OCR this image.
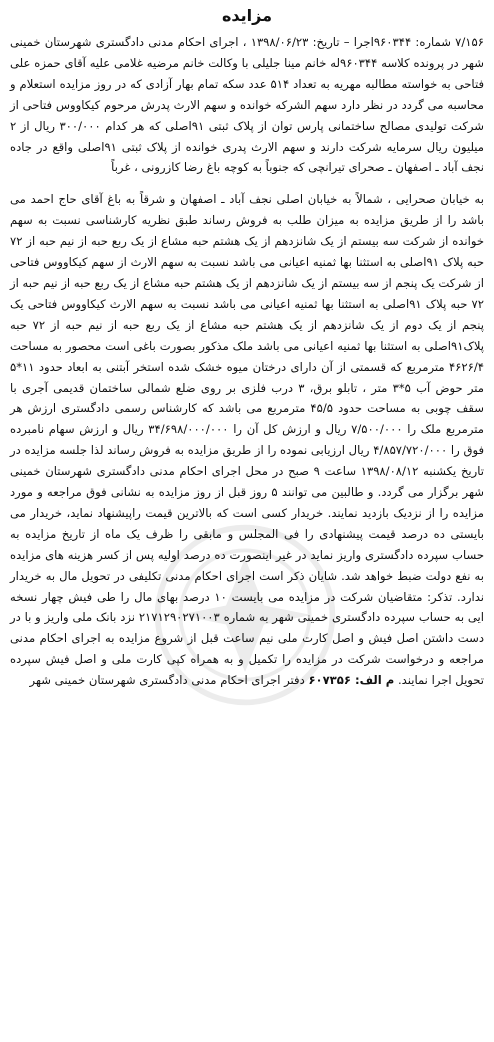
مزایده

۷/۱۵۶ شماره: ۹۶۰۳۴۴اجرا – تاریخ: ۱۳۹۸/۰۶/۲۳ ، اجرای احکام مدنی دادگستری شهرستان خمینی شهر در پرونده کلاسه ۹۶۰۳۴۴له خانم مینا جلیلی با وکالت خانم مرضیه غلامی علیه آقای حمزه علی فتاحی به خواسته مطالبه مهریه به تعداد ۵۱۴ عدد سکه تمام بهار آزادی که در روز مزایده استعلام و محاسبه می گردد در نظر دارد سهم الشرکه خوانده و سهم الارث پدرش مرحوم کیکاووس فتاحی از شرکت تولیدی مصالح ساختمانی پارس توان از پلاک ثبتی ۹۱اصلی که هر کدام ۳۰۰/۰۰۰ ریال از ۲ میلیون ریال سرمایه شرکت دارند و سهم الارث پدری خوانده از پلاک ثبتی ۹۱اصلی واقع در جاده نجف آباد ـ اصفهان ـ صحرای تیرانچی که جنوباً به کوچه باغ رضا کازرونی ، غرباً

به خیابان صحرایی ، شمالاً به خیابان اصلی نجف آباد ـ اصفهان و شرقاً به باغ آقای حاج احمد می باشد را از طریق مزایده به میزان طلب به فروش رساند طبق نظریه کارشناسی نسبت به سهم خوانده از شرکت سه بیستم از یک شانزدهم از یک هشتم حبه مشاع از یک ربع حبه از نیم حبه از ۷۲ حبه پلاک ۹۱اصلی به استثنا بها ثمنیه اعیانی می باشد نسبت به سهم الارث از سهم کیکاووس فتاحی از شرکت یک پنجم از سه بیستم از یک شانزدهم از یک هشتم حبه مشاع از یک ربع حبه از نیم حبه از ۷۲ حبه پلاک ۹۱اصلی به استثنا بها ثمنیه اعیانی می باشد نسبت به سهم الارث کیکاووس فتاحی یک پنجم از یک دوم از یک شانزدهم از یک هشتم حبه مشاع از یک ربع حبه از نیم حبه از ۷۲ حبه پلاک۹۱اصلی به استثنا بها ثمنیه اعیانی می باشد ملک مذکور بصورت باغی است محصور به مساحت ۴۶۲۶/۴ مترمربع که قسمتی از آن دارای درختان میوه خشک شده استخر آبتنی به ابعاد حدود ۱۱*۵ متر حوض آب ۵*۳ متر ، تابلو برق، ۳ درب فلزی بر روی ضلع شمالی ساختمان قدیمی آجری با سقف چوبی به مساحت حدود ۴۵/۵ مترمربع می باشد که کارشناس رسمی دادگستری ارزش هر مترمربع ملک را ۷/۵۰۰/۰۰۰ ریال و ارزش کل آن را ۳۴/۶۹۸/۰۰۰/۰۰۰ ریال و ارزش سهام نامبرده فوق را ۴/۸۵۷/۷۲۰/۰۰۰ ریال ارزیابی نموده را از طریق مزایده به فروش رساند لذا جلسه مزایده در تاریخ یکشنبه ۱۳۹۸/۰۸/۱۲ ساعت ۹ صبح در محل اجرای احکام مدنی دادگستری شهرستان خمینی شهر برگزار می گردد. و طالبین می توانند ۵ روز قبل از روز مزایده به نشانی فوق مراجعه و مورد مزایده را از نزدیک بازدید نمایند. خریدار کسی است که بالاترین قیمت راپیشنهاد نماید، خریدار می بایستی ده درصد قیمت پیشنهادی را فی المجلس و مابقی را ظرف یک ماه از تاریخ مزایده به حساب سپرده دادگستری واریز نماید در غیر اینصورت ده درصد اولیه پس از کسر هزینه های مزایده به نفع دولت ضبط خواهد شد. شایان ذکر است اجرای احکام مدنی تکلیفی در تحویل مال به خریدار ندارد. تذکر: متقاضیان شرکت در مزایده می بایست ۱۰ درصد بهای مال را طی فیش چهار نسخه ایی به حساب سپرده دادگستری خمینی شهر به شماره ۲۱۷۱۲۹۰۲۷۱۰۰۳ نزد بانک ملی واریز و با در دست داشتن اصل فیش و اصل کارت ملی نیم ساعت قبل از شروع مزایده به اجرای احکام مدنی مراجعه و درخواست شرکت در مزایده را تکمیل و به همراه کپی کارت ملی و اصل فیش سپرده تحویل اجرا نمایند. م الف: ۶۰۷۳۵۶ دفتر اجرای احکام مدنی دادگستری شهرستان خمینی شهر
